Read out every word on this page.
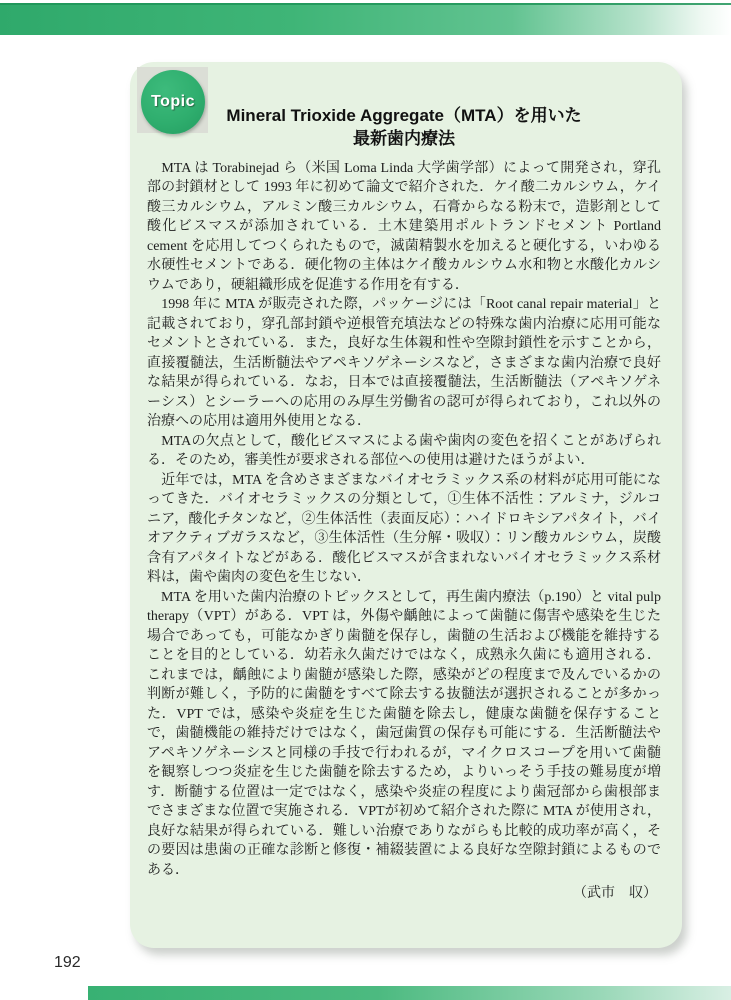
Topic
Mineral Trioxide Aggregate（MTA）を用いた
最新歯内療法

　MTA は Torabinejad ら（米国 Loma Linda 大学歯学部）によって開発され，穿孔部の封鎖材として 1993 年に初めて論文で紹介された．ケイ酸二カルシウム，ケイ酸三カルシウム，アルミン酸三カルシウム，石膏からなる粉末で，造影剤として酸化ビスマスが添加されている．土木建築用ポルトランドセメント Portland cement を応用してつくられたもので，滅菌精製水を加えると硬化する，いわゆる水硬性セメントである．硬化物の主体はケイ酸カルシウム水和物と水酸化カルシウムであり，硬組織形成を促進する作用を有する．

　1998 年に MTA が販売された際，パッケージには「Root canal repair material」と記載されており，穿孔部封鎖や逆根管充填法などの特殊な歯内治療に応用可能なセメントとされている．また，良好な生体親和性や空隙封鎖性を示すことから，直接覆髄法，生活断髄法やアペキソゲネーシスなど，さまざまな歯内治療で良好な結果が得られている．なお，日本では直接覆髄法，生活断髄法（アペキソゲネーシス）とシーラーへの応用のみ厚生労働省の認可が得られており，これ以外の治療への応用は適用外使用となる．

　MTAの欠点として，酸化ビスマスによる歯や歯肉の変色を招くことがあげられる．そのため，審美性が要求される部位への使用は避けたほうがよい．

　近年では，MTA を含めさまざまなバイオセラミックス系の材料が応用可能になってきた．バイオセラミックスの分類として，①生体不活性：アルミナ，ジルコニア，酸化チタンなど，②生体活性（表面反応）：ハイドロキシアパタイト，バイオアクティブガラスなど，③生体活性（生分解・吸収）：リン酸カルシウム，炭酸含有アパタイトなどがある．酸化ビスマスが含まれないバイオセラミックス系材料は，歯や歯肉の変色を生じない．

　MTA を用いた歯内治療のトピックスとして，再生歯内療法（p.190）と vital pulp therapy（VPT）がある．VPT は，外傷や齲蝕によって歯髄に傷害や感染を生じた場合であっても，可能なかぎり歯髄を保存し，歯髄の生活および機能を維持することを目的としている．幼若永久歯だけではなく，成熟永久歯にも適用される．これまでは，齲蝕により歯髄が感染した際，感染がどの程度まで及んでいるかの判断が難しく，予防的に歯髄をすべて除去する抜髄法が選択されることが多かった．VPT では，感染や炎症を生じた歯髄を除去し，健康な歯髄を保存することで，歯髄機能の維持だけではなく，歯冠歯質の保存も可能にする．生活断髄法やアペキソゲネーシスと同様の手技で行われるが，マイクロスコープを用いて歯髄を観察しつつ炎症を生じた歯髄を除去するため，よりいっそう手技の難易度が増す．断髄する位置は一定ではなく，感染や炎症の程度により歯冠部から歯根部までさまざまな位置で実施される．VPTが初めて紹介された際に MTA が使用され，良好な結果が得られている．難しい治療でありながらも比較的成功率が高く，その要因は患歯の正確な診断と修復・補綴装置による良好な空隙封鎖によるものである．

（武市　収）
192
